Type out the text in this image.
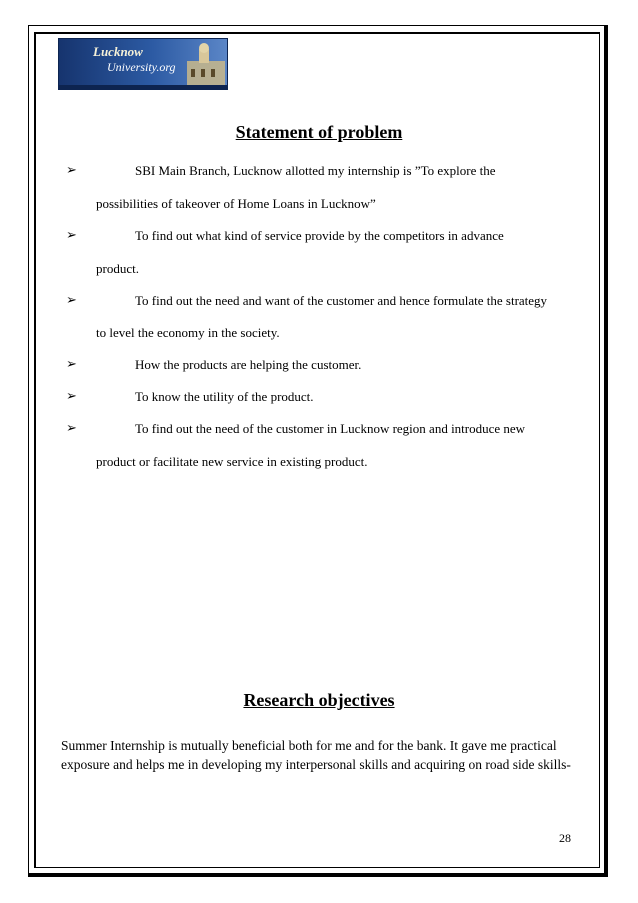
Lucknow
University.org
Statement of problem
➢	SBI Main Branch, Lucknow allotted my internship is ”To explore the
possibilities of takeover of Home Loans in Lucknow”
➢	To find out what kind of service provide by the competitors in advance
product.
➢	To find out the need and want of the customer and hence formulate the strategy
to level the economy in the society.
➢	How the products are helping the customer.
➢	To know the utility of the product.
➢	To find out the need of the customer in Lucknow region and introduce new
product or facilitate new service in existing product.
Research objectives
Summer Internship is mutually beneficial both for me and for the bank. It gave me practical exposure and helps me in developing my interpersonal skills and acquiring on road side skills-
28
